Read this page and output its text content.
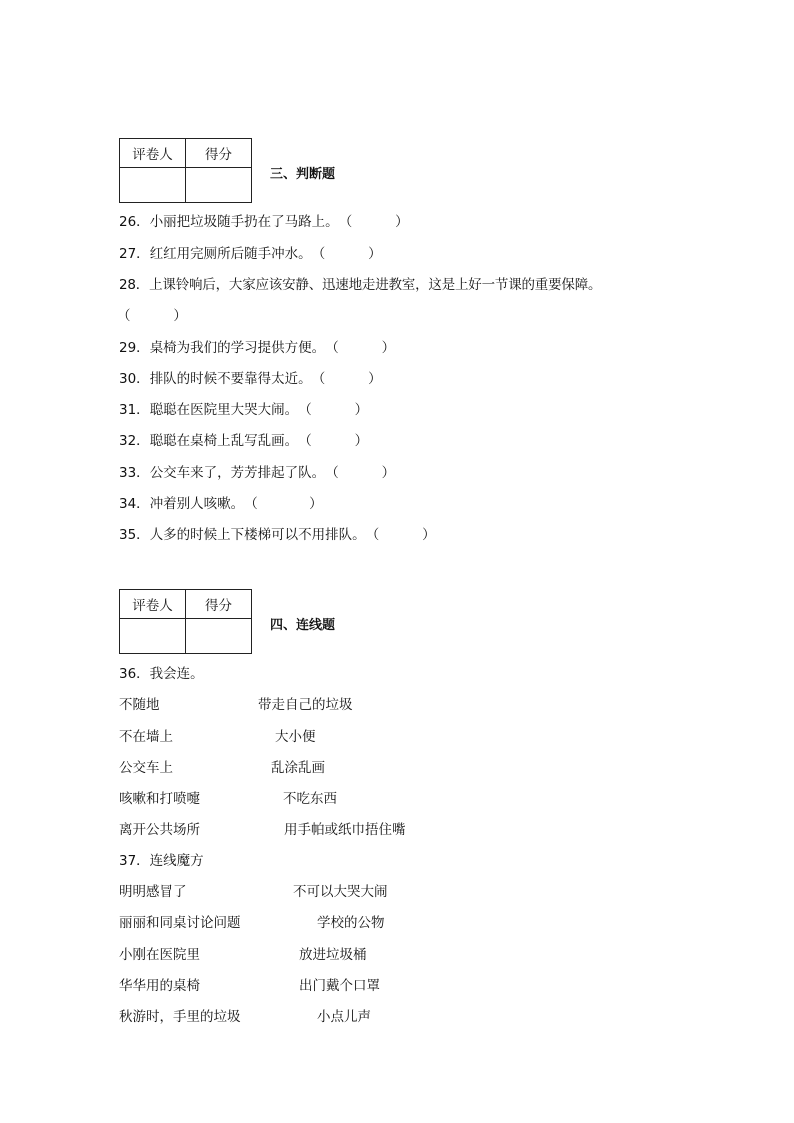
评卷人	得分

三、判断题
26．小丽把垃圾随手扔在了马路上。（          ）
27．红红用完厕所后随手冲水。（          ）
28．上课铃响后，大家应该安静、迅速地走进教室，这是上好一节课的重要保障。
（          ）
29．桌椅为我们的学习提供方便。（          ）
30．排队的时候不要靠得太近。（          ）
31．聪聪在医院里大哭大闹。（          ）
32．聪聪在桌椅上乱写乱画。（          ）
33．公交车来了，芳芳排起了队。（          ）
34．冲着别人咳嗽。（            ）
35．人多的时候上下楼梯可以不用排队。（          ）
评卷人	得分

四、连线题
36．我会连。
不随地	带走自己的垃圾
不在墙上	大小便
公交车上	乱涂乱画
咳嗽和打喷嚏	不吃东西
离开公共场所	用手帕或纸巾捂住嘴
37．连线魔方
明明感冒了	不可以大哭大闹
丽丽和同桌讨论问题	学校的公物
小刚在医院里	放进垃圾桶
华华用的桌椅	出门戴个口罩
秋游时，手里的垃圾	小点儿声
